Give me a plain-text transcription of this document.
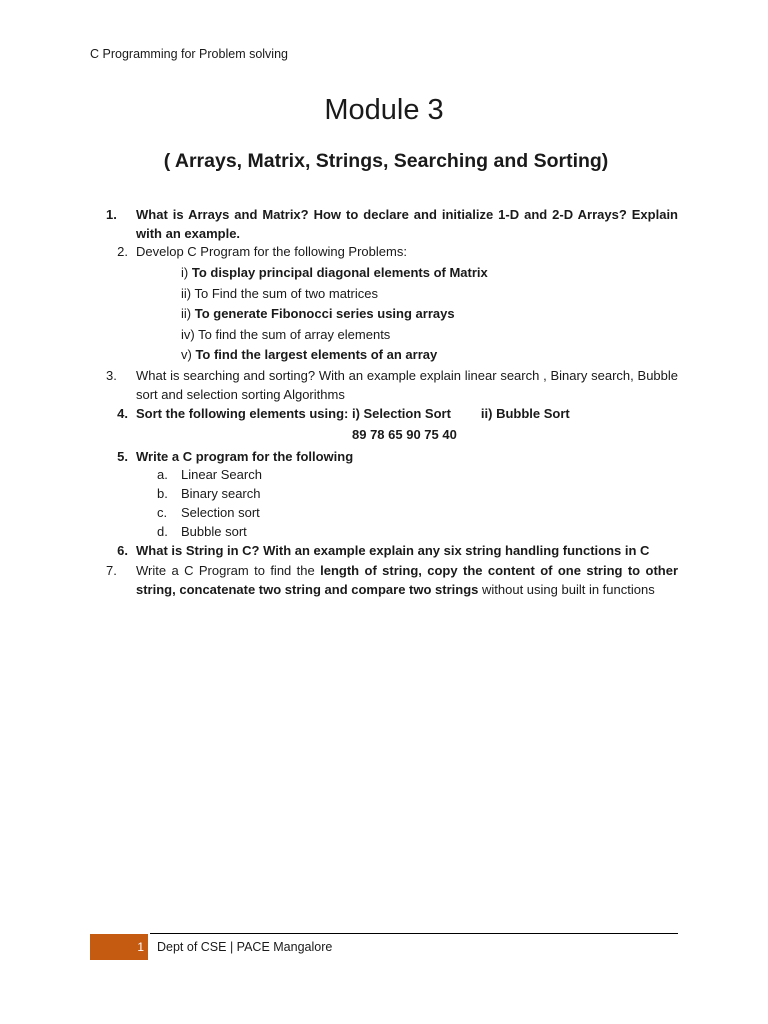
C Programming for Problem solving
Module 3
( Arrays, Matrix, Strings, Searching and Sorting)
1.	What is Arrays and Matrix? How to declare and initialize 1-D and 2-D Arrays? Explain with an example.
2. Develop C Program for the following Problems:
i) To display principal diagonal elements of Matrix
ii) To Find the sum of two matrices
ii) To generate Fibonocci series using arrays
iv) To find the sum of array elements
v) To find the largest elements of an array
3.	What is searching and sorting? With an example explain linear search , Binary search, Bubble sort and selection sorting Algorithms
4. Sort the following elements using: i) Selection Sort ii) Bubble Sort
89 78 65 90 75 40
5. Write a C program for the following
a. Linear Search
b. Binary search
c. Selection sort
d. Bubble sort
6. What is String in C? With an example explain any six string handling functions in C
7.	Write a C Program to find the length of string, copy the content of one string to other string, concatenate two string and compare two strings without using built in functions
1 Dept of CSE | PACE Mangalore
